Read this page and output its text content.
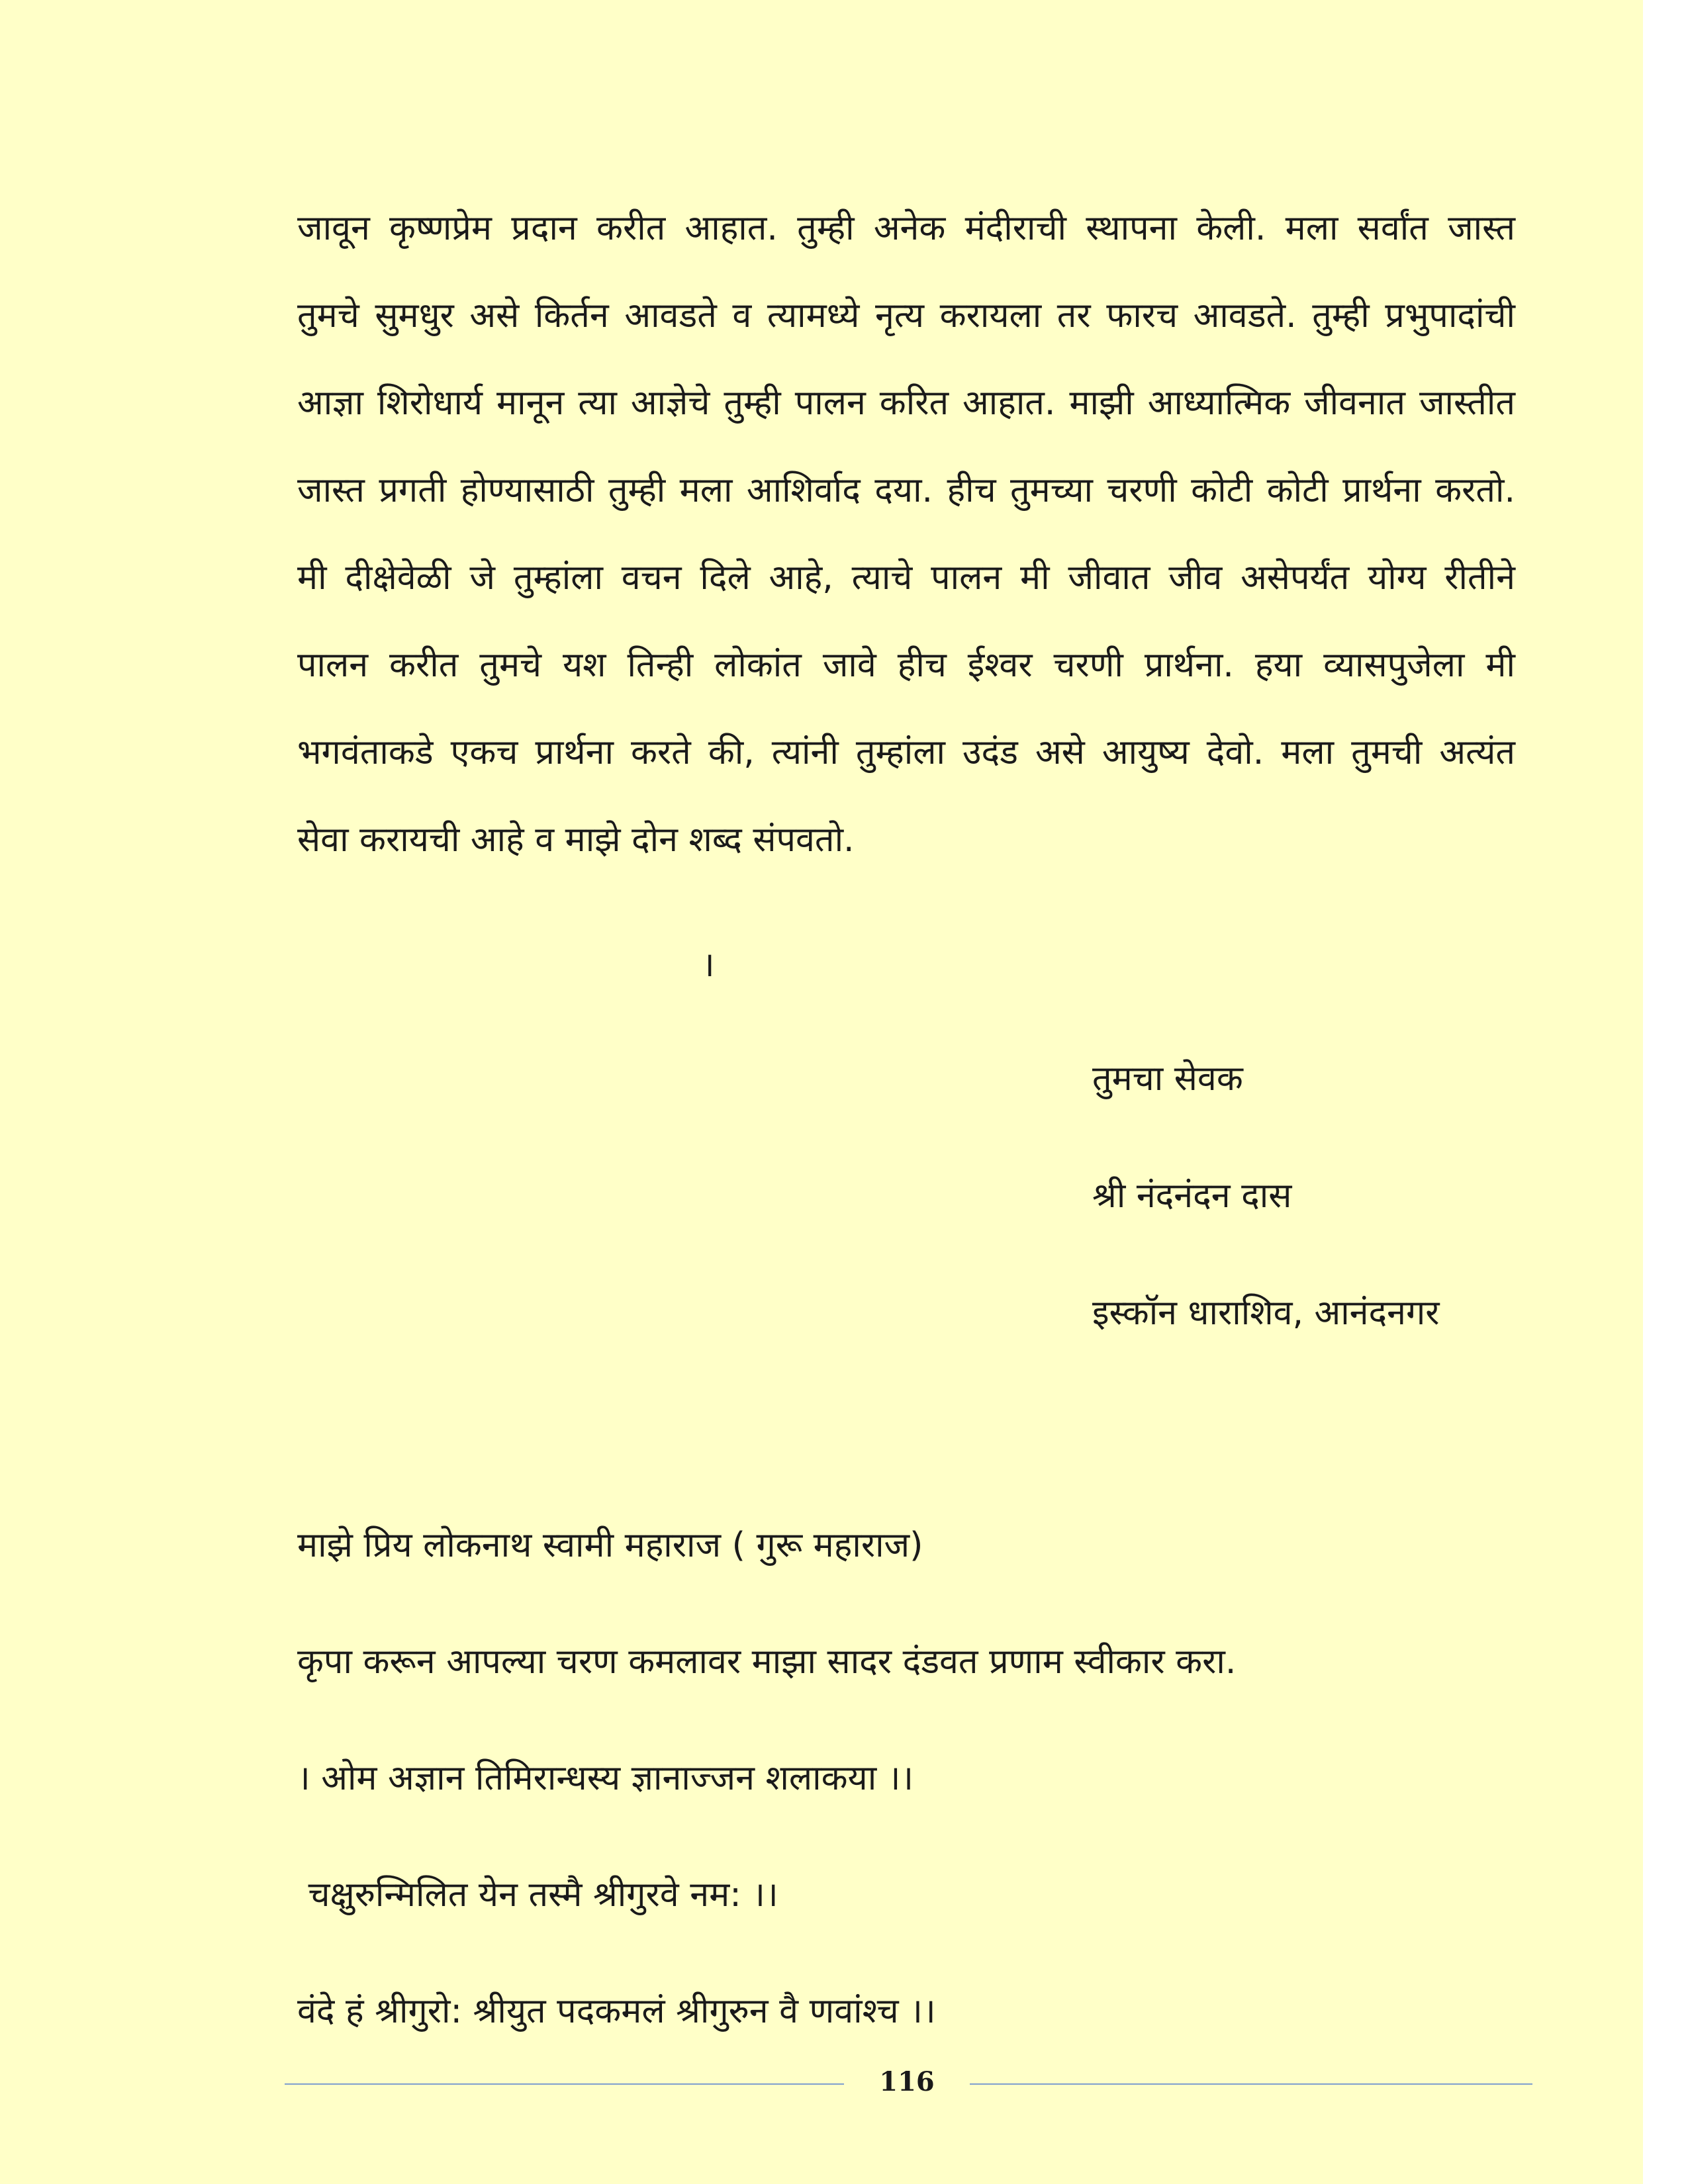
जावून कृष्णप्रेम प्रदान करीत आहात. तुम्ही अनेक मंदीराची स्थापना केली. मला सर्वांत जास्त
तुमचे सुमधुर असे किर्तन आवडते व त्यामध्ये नृत्य करायला तर फारच आवडते. तुम्ही प्रभुपादांची
आज्ञा शिरोधार्य मानून त्या आज्ञेचे तुम्ही पालन करित आहात. माझी आध्यात्मिक जीवनात जास्तीत
जास्त प्रगती होण्यासाठी तुम्ही मला आशिर्वाद दया. हीच तुमच्या चरणी कोटी कोटी प्रार्थना करतो.
मी दीक्षेवेळी जे तुम्हांला वचन दिले आहे, त्याचे पालन मी जीवात जीव असेपर्यंत योग्य रीतीने
पालन करीत तुमचे यश तिन्ही लोकांत जावे हीच ईश्वर चरणी प्रार्थना. हया व्यासपुजेला मी
भगवंताकडे एकच प्रार्थना करते की, त्यांनी तुम्हांला उदंड असे आयुष्य देवो. मला तुमची अत्यंत
सेवा करायची आहे व माझे दोन शब्द संपवतो.
।
तुमचा सेवक
श्री नंदनंदन दास
इस्कॉन धाराशिव, आनंदनगर
माझे प्रिय लोकनाथ स्वामी महाराज ( गुरू महाराज)
कृपा करून आपल्या चरण कमलावर माझा सादर दंडवत प्रणाम स्वीकार करा.
। ओम अज्ञान तिमिरान्धस्य ज्ञानाज्जन शलाकया ।।
चक्षुरुन्मिलित येन तस्मै श्रीगुरवे नम: ।।
वंदे हं श्रीगुरो: श्रीयुत पदकमलं श्रीगुरुन वै णवांश्च ।।
116
